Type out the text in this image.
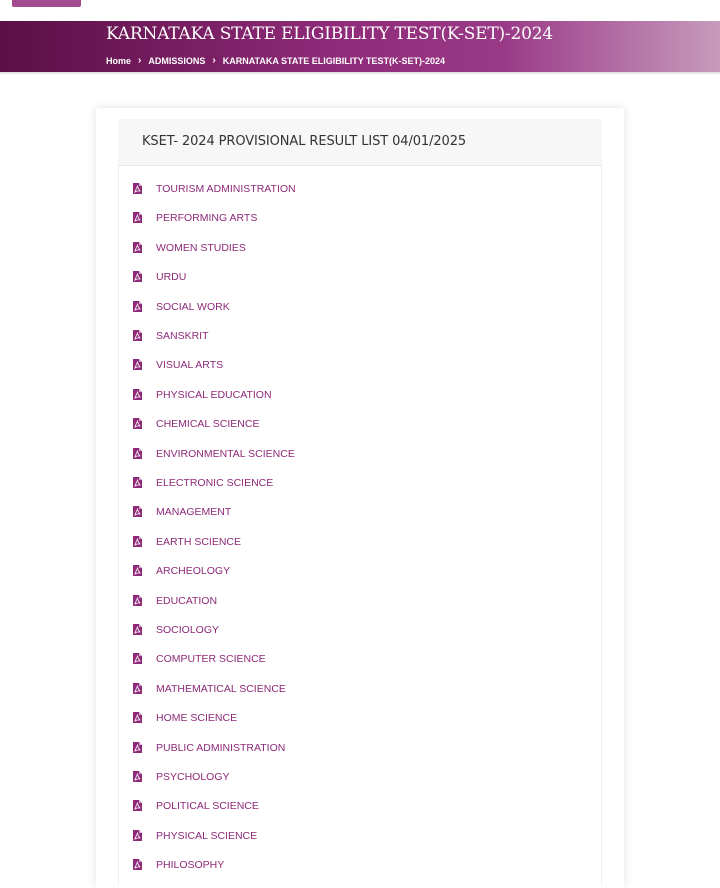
KARNATAKA STATE ELIGIBILITY TEST(K-SET)-2024
Home › ADMISSIONS › KARNATAKA STATE ELIGIBILITY TEST(K-SET)-2024
KSET- 2024 PROVISIONAL RESULT LIST 04/01/2025
TOURISM ADMINISTRATION
PERFORMING ARTS
WOMEN STUDIES
URDU
SOCIAL WORK
SANSKRIT
VISUAL ARTS
PHYSICAL EDUCATION
CHEMICAL SCIENCE
ENVIRONMENTAL SCIENCE
ELECTRONIC SCIENCE
MANAGEMENT
EARTH SCIENCE
ARCHEOLOGY
EDUCATION
SOCIOLOGY
COMPUTER SCIENCE
MATHEMATICAL SCIENCE
HOME SCIENCE
PUBLIC ADMINISTRATION
PSYCHOLOGY
POLITICAL SCIENCE
PHYSICAL SCIENCE
PHILOSOPHY
